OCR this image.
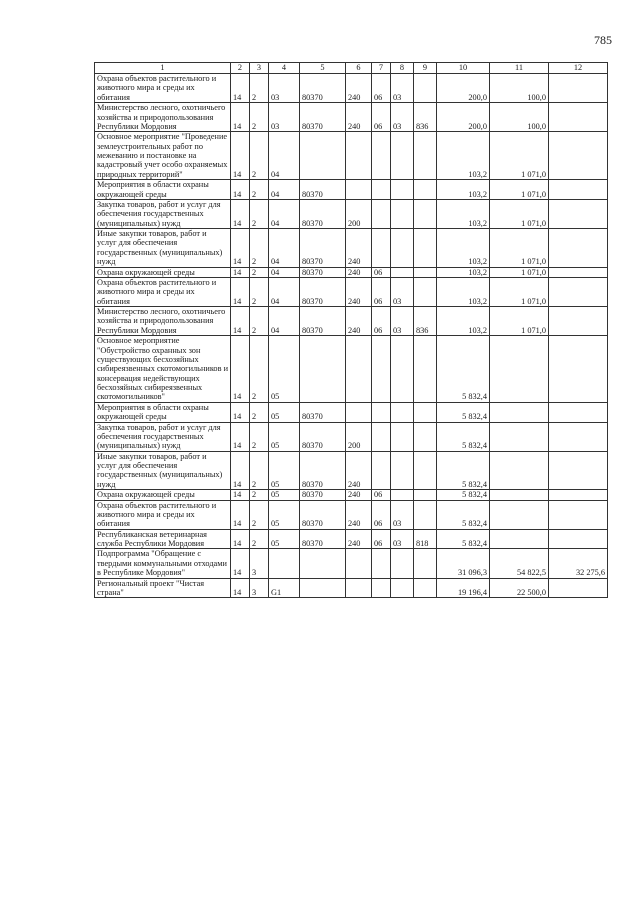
785
1	2	3	4	5	6	7	8	9	10	11	12
Охрана объектов растительного и животного мира и среды их обитания	14	2	03	80370	240	06	03		200,0	100,0	
Министерство лесного, охотничьего хозяйства и природопользования Республики Мордовия	14	2	03	80370	240	06	03	836	200,0	100,0	
Основное мероприятие "Проведение землеустроительных работ по межеванию и постановке на кадастровый учет особо охраняемых природных территорий"	14	2	04						103,2	1 071,0	
Мероприятия в области охраны окружающей среды	14	2	04	80370					103,2	1 071,0	
Закупка товаров, работ и услуг для обеспечения государственных (муниципальных) нужд	14	2	04	80370	200				103,2	1 071,0	
Иные закупки товаров, работ и услуг для обеспечения государственных (муниципальных) нужд	14	2	04	80370	240				103,2	1 071,0	
Охрана окружающей среды	14	2	04	80370	240	06			103,2	1 071,0	
Охрана объектов растительного и животного мира и среды их обитания	14	2	04	80370	240	06	03		103,2	1 071,0	
Министерство лесного, охотничьего хозяйства и природопользования Республики Мордовия	14	2	04	80370	240	06	03	836	103,2	1 071,0	
Основное мероприятие "Обустройство охранных зон существующих бесхозяйных сибиреязвенных скотомогильников и консервация недействующих бесхозяйных сибиреязвенных скотомогильников"	14	2	05						5 832,4		
Мероприятия в области охраны окружающей среды	14	2	05	80370					5 832,4		
Закупка товаров, работ и услуг для обеспечения государственных (муниципальных) нужд	14	2	05	80370	200				5 832,4		
Иные закупки товаров, работ и услуг для обеспечения государственных (муниципальных) нужд	14	2	05	80370	240				5 832,4		
Охрана окружающей среды	14	2	05	80370	240	06			5 832,4		
Охрана объектов растительного и животного мира и среды их обитания	14	2	05	80370	240	06	03		5 832,4		
Республиканская ветеринарная служба Республики Мордовия	14	2	05	80370	240	06	03	818	5 832,4		
Подпрограмма "Обращение с твердыми коммунальными отходами в Республике Мордовия"	14	3							31 096,3	54 822,5	32 275,6
Региональный проект "Чистая страна"	14	3	G1						19 196,4	22 500,0	
